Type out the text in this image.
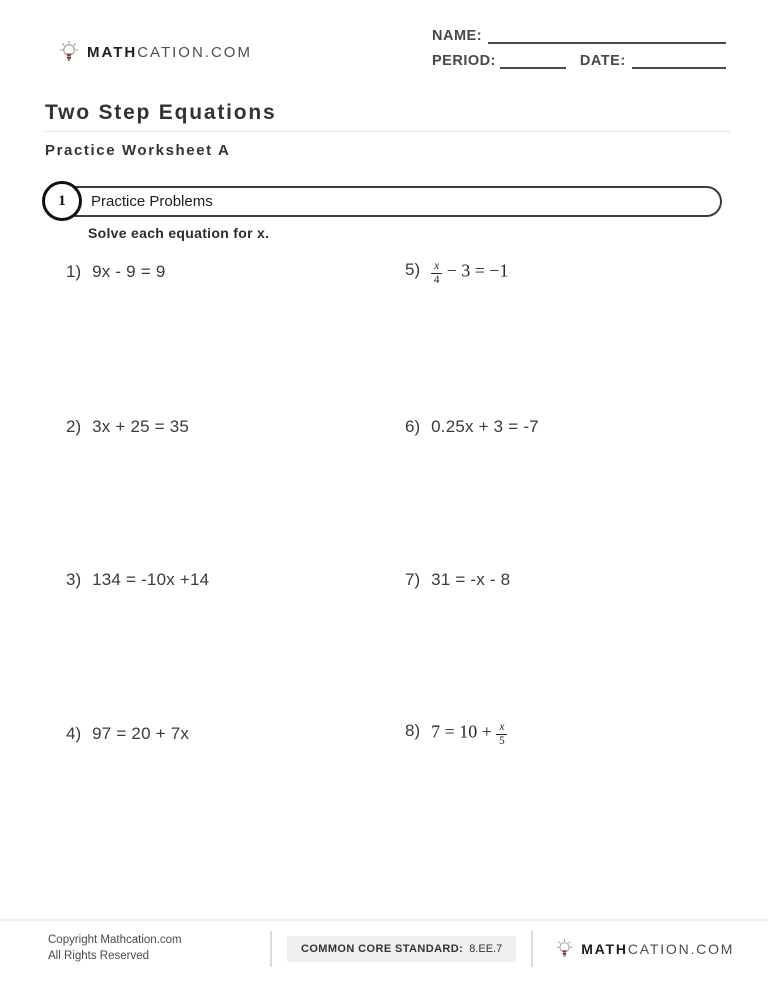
MATHCATION.COM
NAME:
PERIOD:	DATE:
Two Step Equations
Practice Worksheet A
Practice Problems
1
Solve each equation for x.
1) 9x - 9 = 9
2) 3x + 25 = 35
3) 134 = -10x +14
4) 97 = 20 + 7x
$5) \frac{x}{4} - 3 = -1$
6) 0.25x + 3 = -7
7) 31 = -x - 8
8) $7 = 10 + \frac{x}{5}$
Copyright Mathcation.com
All Rights Reserved
COMMON CORE STANDARD: 8.EE.7	MATHCATION.COM
